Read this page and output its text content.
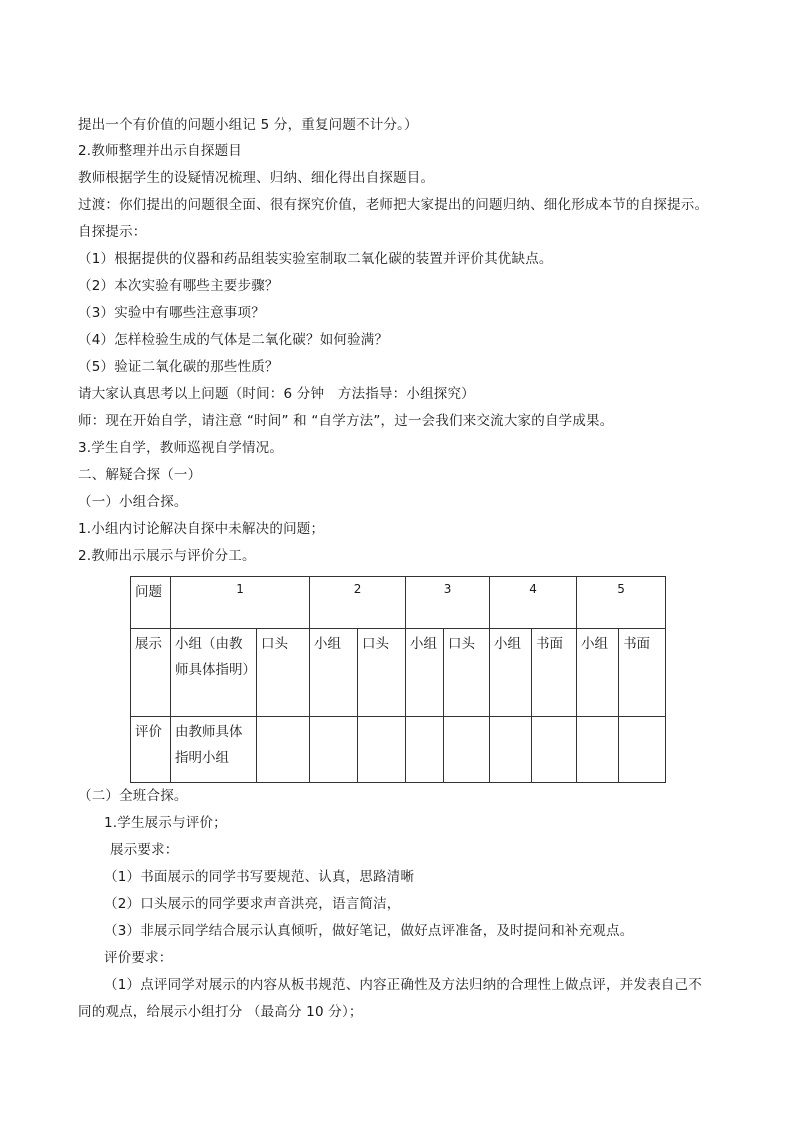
提出一个有价值的问题小组记 5 分，重复问题不计分。）
2.教师整理并出示自探题目
教师根据学生的设疑情况梳理、归纳、细化得出自探题目。
过渡：你们提出的问题很全面、很有探究价值，老师把大家提出的问题归纳、细化形成本节的自探提示。
自探提示：
（1）根据提供的仪器和药品组装实验室制取二氧化碳的装置并评价其优缺点。
（2）本次实验有哪些主要步骤？
（3）实验中有哪些注意事项？
（4）怎样检验生成的气体是二氧化碳？如何验满？
（5）验证二氧化碳的那些性质？
请大家认真思考以上问题（时间：6 分钟　方法指导：小组探究）
师：现在开始自学，请注意 “时间” 和 “自学方法”，过一会我们来交流大家的自学成果。
3.学生自学，教师巡视自学情况。
二、解疑合探（一）
（一）小组合探。
1.小组内讨论解决自探中未解决的问题；
2.教师出示展示与评价分工。
问题	1		2		3		4		5	
展示	小组（由教师具体指明）	口头	小组	口头	小组	口头	小组	书面	小组	书面
评价	由教师具体指明小组									
（二）全班合探。
1.学生展示与评价；
展示要求：
（1）书面展示的同学书写要规范、认真，思路清晰
（2）口头展示的同学要求声音洪亮，语言简洁，
（3）非展示同学结合展示认真倾听，做好笔记，做好点评准备，及时提问和补充观点。
评价要求：
（1）点评同学对展示的内容从板书规范、内容正确性及方法归纳的合理性上做点评，并发表自己不
同的观点，给展示小组打分 （最高分 10 分）；
